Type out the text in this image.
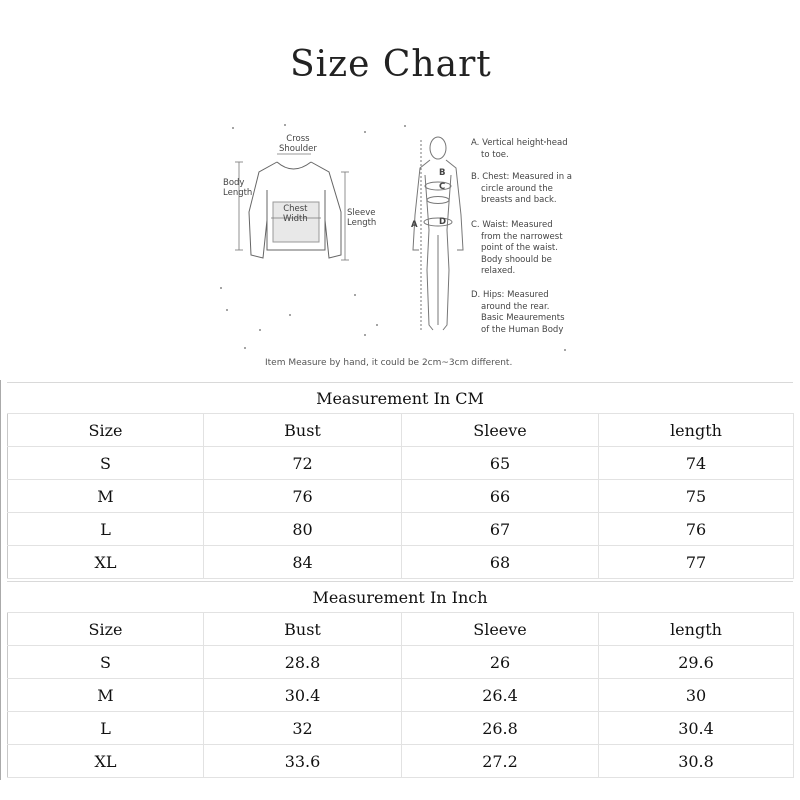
Size Chart
Cross
Shoulder
Body
Length
Chest
Width
Sleeve
Length	A
B
C
D
A. Vertical height head
to toe.
B. Chest: Measured in a
circle around the
breasts and back.
C. Waist: Measured
from the narrowest
point of the waist.
Body shoould be
relaxed.
D. Hips: Measured
around the rear.
Basic Meaurements
of the Human Body
Item Measure by hand, it could be 2cm~3cm different.
Measurement In CM
Size	Bust	Sleeve	length
S	72	65	74
M	76	66	75
L	80	67	76
XL	84	68	77
Measurement In Inch
Size	Bust	Sleeve	length
S	28.8	26	29.6
M	30.4	26.4	30
L	32	26.8	30.4
XL	33.6	27.2	30.8
